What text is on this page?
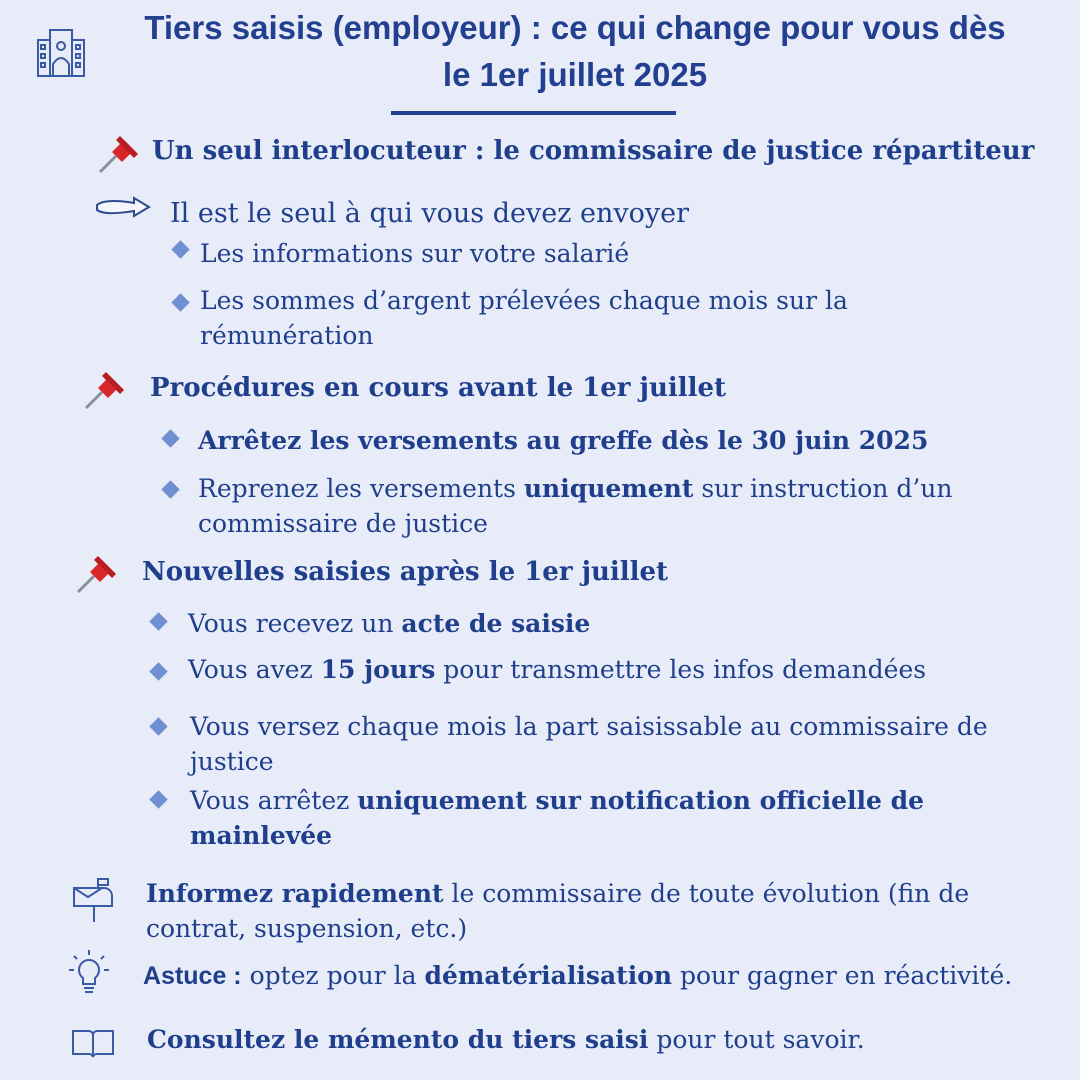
Tiers saisis (employeur) : ce qui change pour vous dès
le 1er juillet 2025
Un seul interlocuteur : le commissaire de justice répartiteur
Il est le seul à qui vous devez envoyer
Les informations sur votre salarié
Les sommes d’argent prélevées chaque mois sur la rémunération
Procédures en cours avant le 1er juillet
Arrêtez les versements au greffe dès le 30 juin 2025
Reprenez les versements uniquement sur instruction d’un commissaire de justice
Nouvelles saisies après le 1er juillet
Vous recevez un acte de saisie
Vous avez 15 jours pour transmettre les infos demandées
Vous versez chaque mois la part saisissable au commissaire de justice
Vous arrêtez uniquement sur notification officielle de mainlevée
Informez rapidement le commissaire de toute évolution (fin de contrat, suspension, etc.)
Astuce : optez pour la dématérialisation pour gagner en réactivité.
Consultez le mémento du tiers saisi pour tout savoir.
